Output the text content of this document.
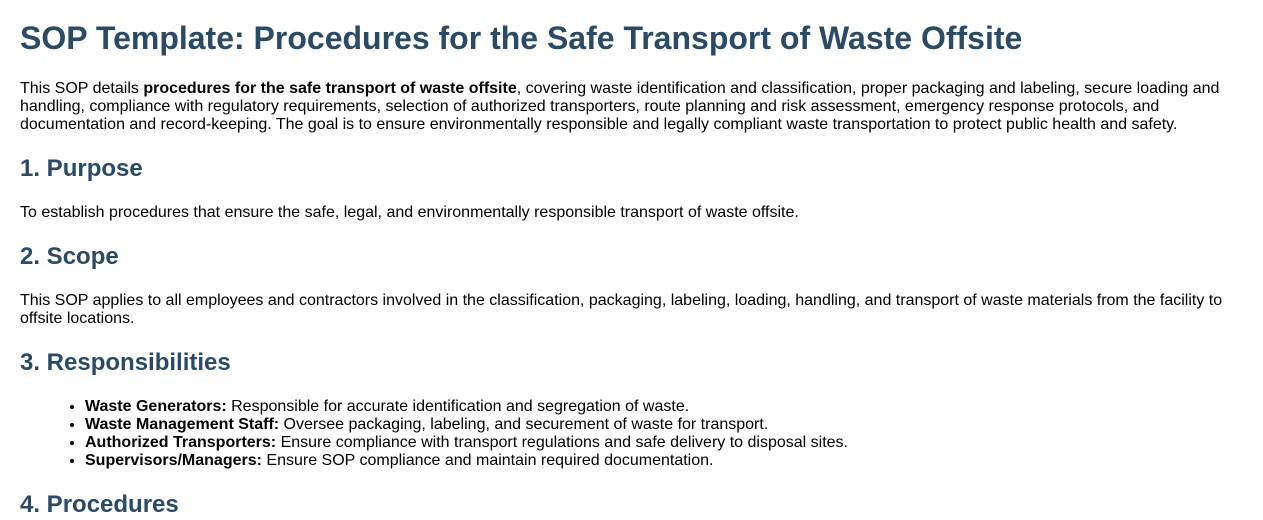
SOP Template: Procedures for the Safe Transport of Waste Offsite

This SOP details procedures for the safe transport of waste offsite, covering waste identification and classification, proper packaging and labeling, secure loading and handling, compliance with regulatory requirements, selection of authorized transporters, route planning and risk assessment, emergency response protocols, and documentation and record-keeping. The goal is to ensure environmentally responsible and legally compliant waste transportation to protect public health and safety.

1. Purpose

To establish procedures that ensure the safe, legal, and environmentally responsible transport of waste offsite.

2. Scope

This SOP applies to all employees and contractors involved in the classification, packaging, labeling, loading, handling, and transport of waste materials from the facility to offsite locations.

3. Responsibilities
• Waste Generators: Responsible for accurate identification and segregation of waste.
• Waste Management Staff: Oversee packaging, labeling, and securement of waste for transport.
• Authorized Transporters: Ensure compliance with transport regulations and safe delivery to disposal sites.
• Supervisors/Managers: Ensure SOP compliance and maintain required documentation.
4. Procedures
